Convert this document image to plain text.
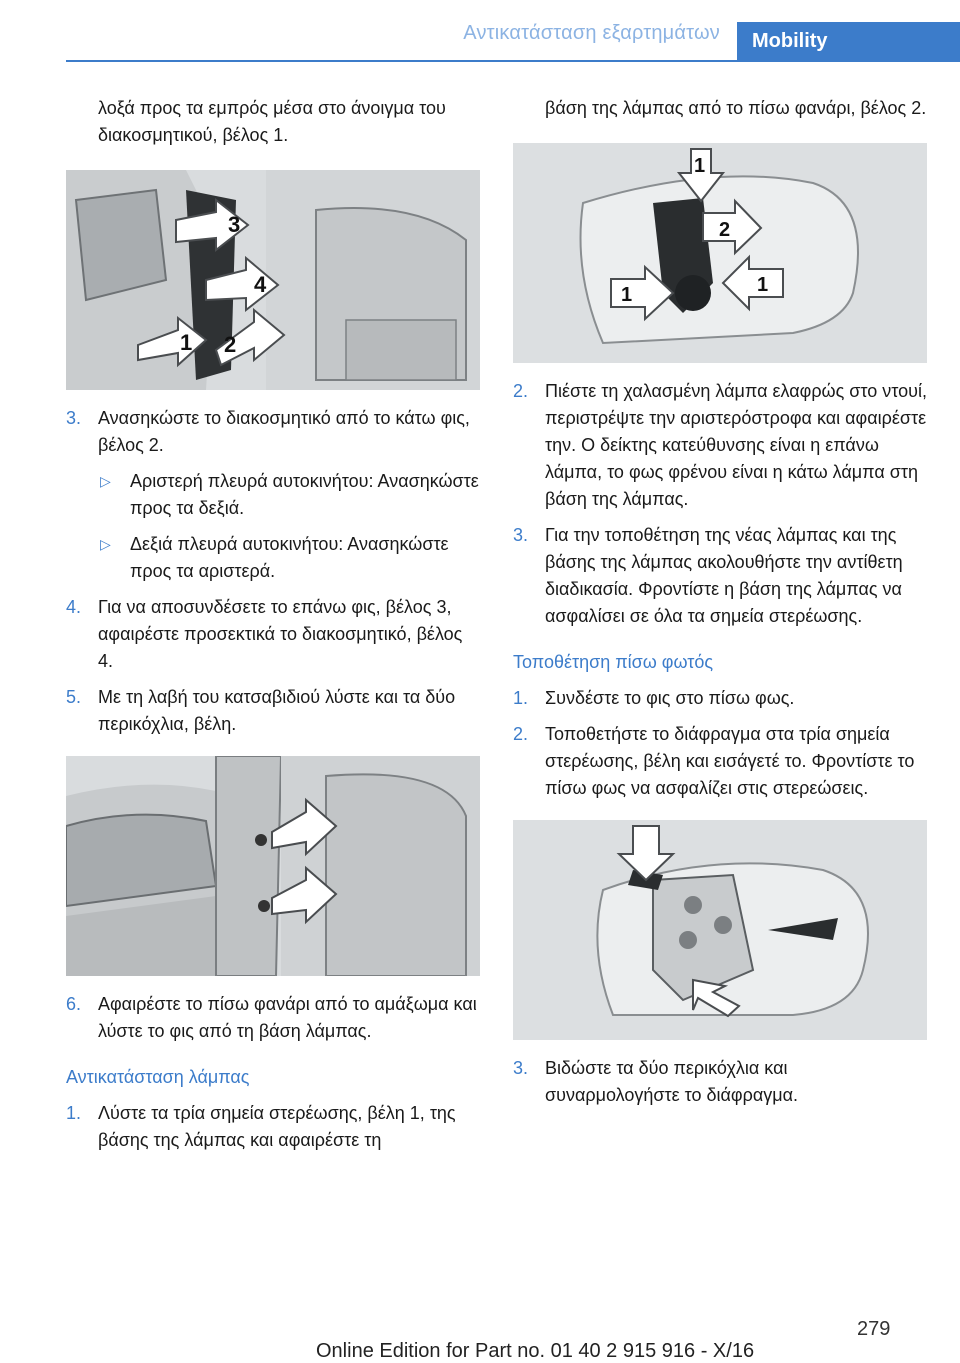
Αντικατάσταση εξαρτημάτων	Mobility

λοξά προς τα εμπρός μέσα στο άνοιγμα του διακοσμητικού, βέλος 1.

3
4
1 2

3. Ανασηκώστε το διακοσμητικό από το κάτω φις, βέλος 2.

▷ Αριστερή πλευρά αυτοκινήτου: Ανασηκώστε προς τα δεξιά.

▷ Δεξιά πλευρά αυτοκινήτου: Ανασηκώστε προς τα αριστερά.

4. Για να αποσυνδέσετε το επάνω φις, βέλος 3, αφαιρέστε προσεκτικά το διακοσμητικό, βέλος 4.

5. Με τη λαβή του κατσαβιδιού λύστε και τα δύο περικόχλια, βέλη.

6. Αφαιρέστε το πίσω φανάρι από το αμάξωμα και λύστε το φις από τη βάση λάμπας.

Αντικατάσταση λάμπας

1. Λύστε τα τρία σημεία στερέωσης, βέλη 1, της βάσης της λάμπας και αφαιρέστε τη

βάση της λάμπας από το πίσω φανάρι, βέλος 2.

1
2
1	1

2. Πιέστε τη χαλασμένη λάμπα ελαφρώς στο ντουί, περιστρέψτε την αριστερόστροφα και αφαιρέστε την. Ο δείκτης κατεύθυνσης είναι η επάνω λάμπα, το φως φρένου είναι η κάτω λάμπα στη βάση της λάμπας.

3. Για την τοποθέτηση της νέας λάμπας και της βάσης της λάμπας ακολουθήστε την αντίθετη διαδικασία. Φροντίστε η βάση της λάμπας να ασφαλίσει σε όλα τα σημεία στερέωσης.

Τοποθέτηση πίσω φωτός

1. Συνδέστε το φις στο πίσω φως.

2. Τοποθετήστε το διάφραγμα στα τρία σημεία στερέωσης, βέλη και εισάγετέ το. Φροντίστε το πίσω φως να ασφαλίζει στις στερεώσεις.

3. Βιδώστε τα δύο περικόχλια και συναρμολογήστε το διάφραγμα.

279
Online Edition for Part no. 01 40 2 915 916 - X/16
